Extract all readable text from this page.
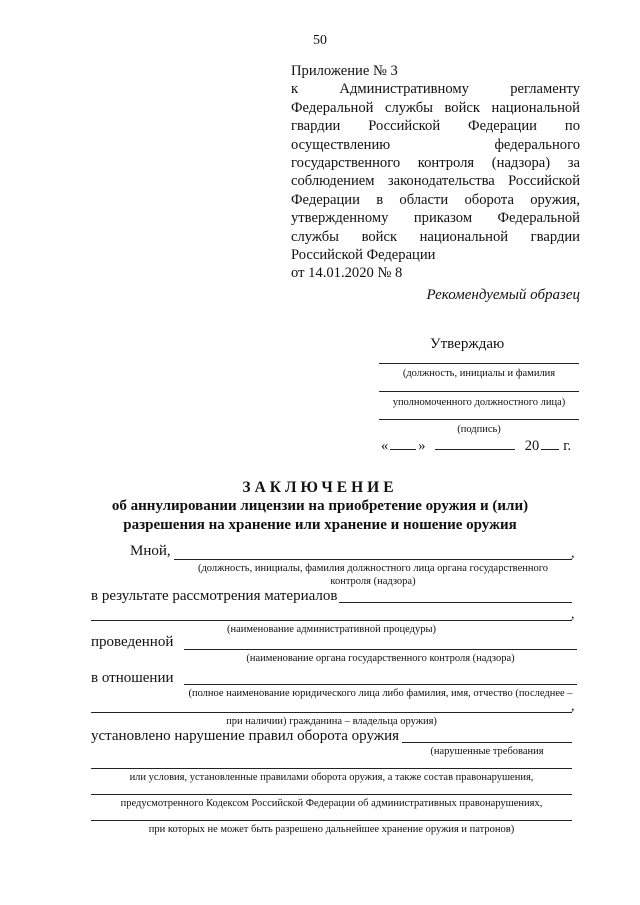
50
Приложение № 3
к Административному регламенту
Федеральной службы войск национальной
гвардии Российской Федерации по
осуществлению федерального
государственного контроля (надзора) за
соблюдением законодательства Российской
Федерации в области оборота оружия,
утвержденному приказом Федеральной
службы войск национальной гвардии
Российской Федерации
от 14.01.2020 № 8
Рекомендуемый образец
Утверждаю
(должность, инициалы и фамилия
уполномоченного должностного лица)
(подпись)
« »	20 г.
ЗАКЛЮЧЕНИЕ
об аннулировании лицензии на приобретение оружия и (или)
разрешения на хранение или хранение и ношение оружия
Мной,	,
(должность, инициалы, фамилия должностного лица органа государственного
контроля (надзора)
в результате рассмотрения материалов
,
(наименование административной процедуры)
проведенной
(наименование органа государственного контроля (надзора)
в отношении
(полное наименование юридического лица либо фамилия, имя, отчество (последнее –
,
при наличии) гражданина – владельца оружия)
установлено нарушение правил оборота оружия
(нарушенные требования
или условия, установленные правилами оборота оружия, а также состав правонарушения,
предусмотренного Кодексом Российской Федерации об административных правонарушениях,
при которых не может быть разрешено дальнейшее хранение оружия и патронов)
